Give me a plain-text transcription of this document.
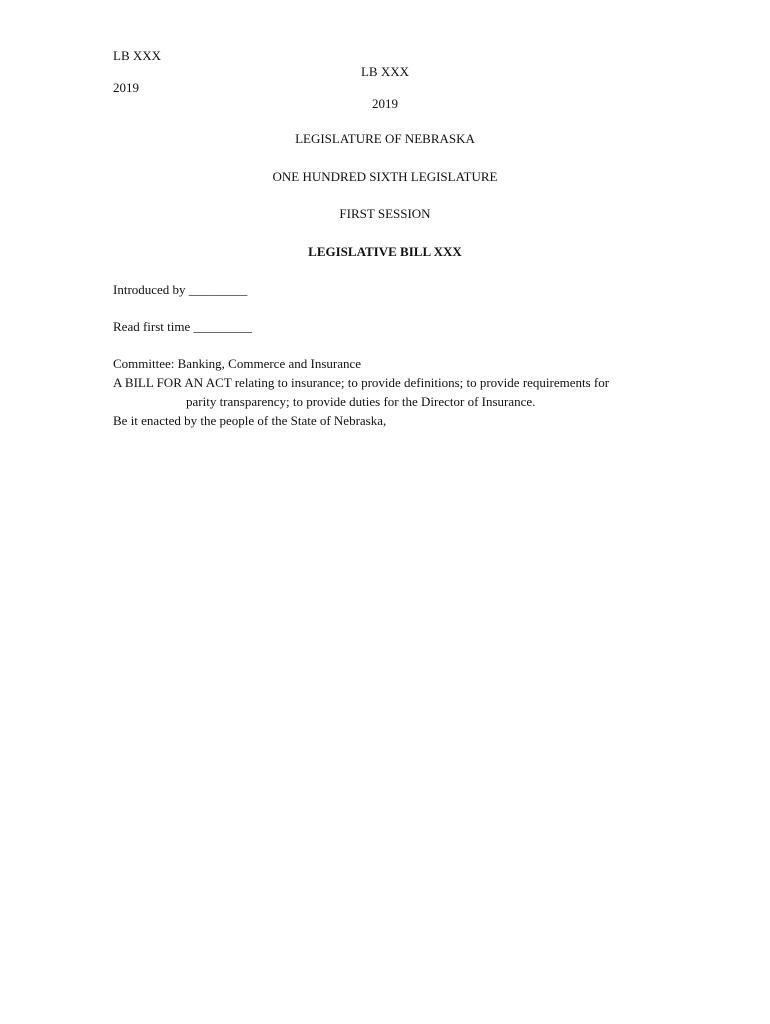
LB XXX
2019
LB XXX
2019
LEGISLATURE OF NEBRASKA
ONE HUNDRED SIXTH LEGISLATURE
FIRST SESSION
LEGISLATIVE BILL XXX
Introduced by _________
Read first time _________
Committee: Banking, Commerce and Insurance
A BILL FOR AN ACT relating to insurance; to provide definitions; to provide requirements for
parity transparency; to provide duties for the Director of Insurance.
Be it enacted by the people of the State of Nebraska,
